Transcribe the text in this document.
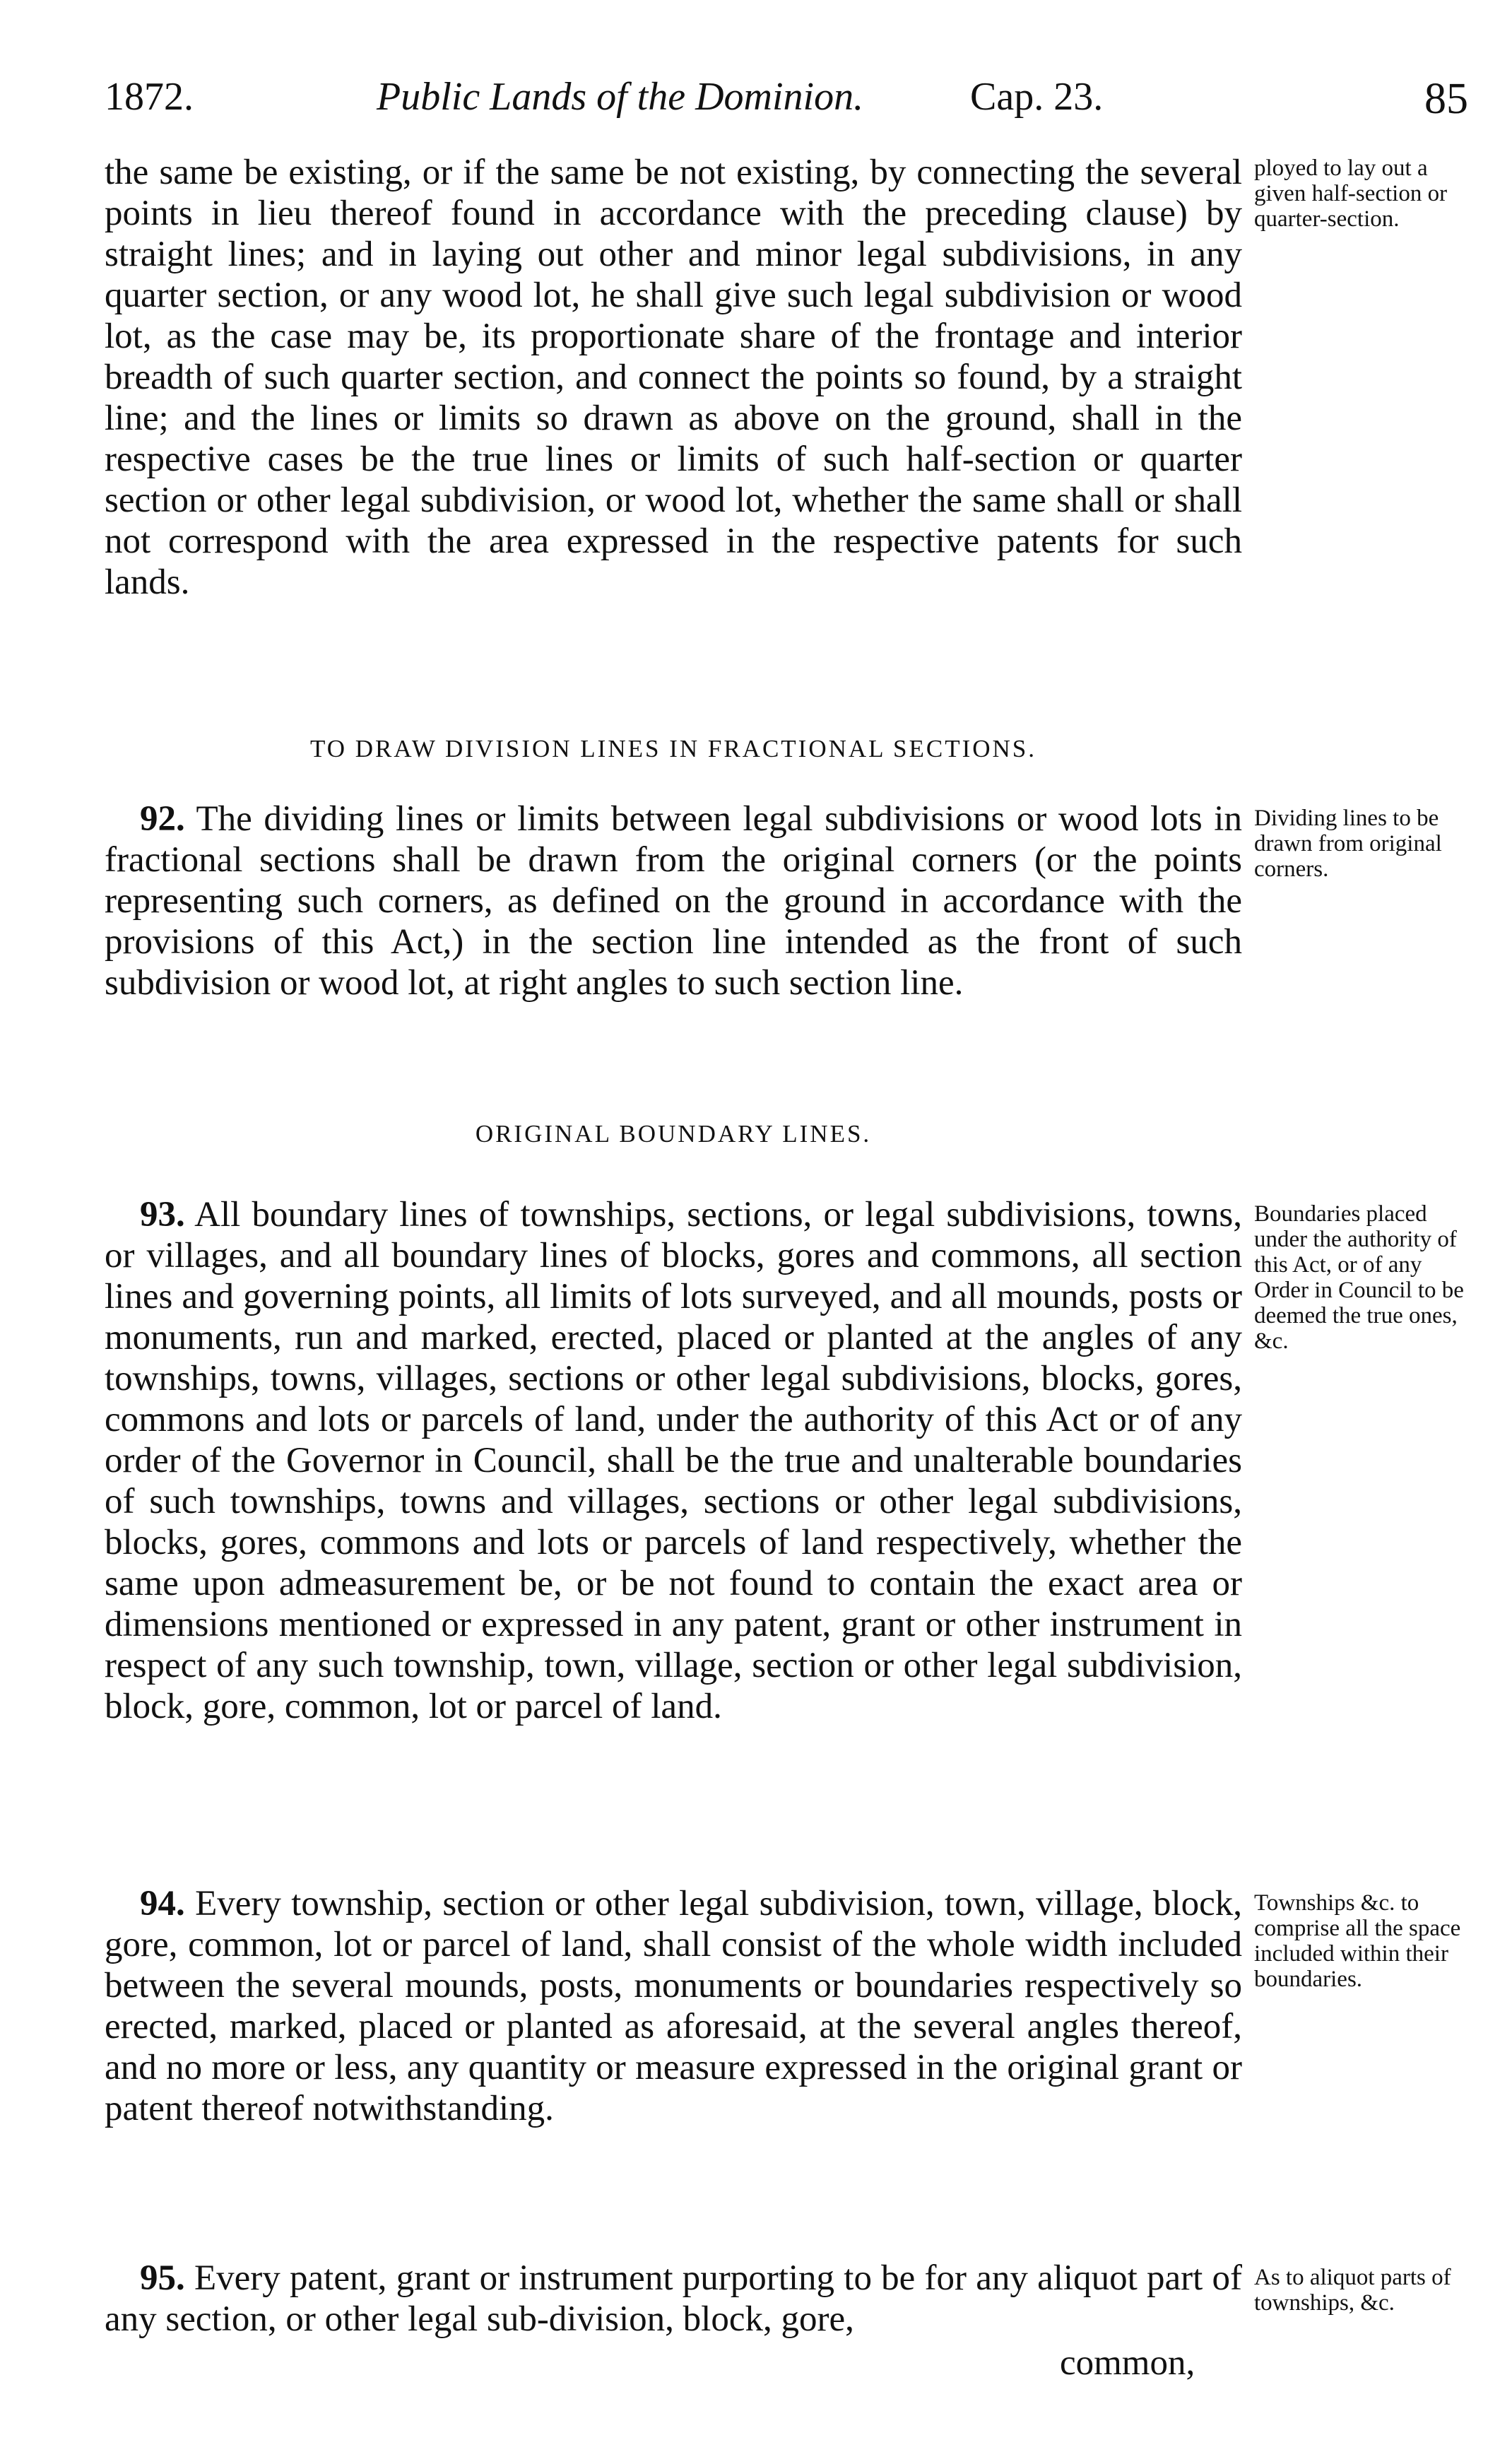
1872.	Public Lands of the Dominion.	Cap. 23.	85

the same be existing, or if the same be not existing, by connecting the several points in lieu thereof found in accordance with the preceding clause) by straight lines; and in laying out other and minor legal subdivisions, in any quarter section, or any wood lot, he shall give such legal subdivision or wood lot, as the case may be, its proportionate share of the frontage and interior breadth of such quarter section, and connect the points so found, by a straight line; and the lines or limits so drawn as above on the ground, shall in the respective cases be the true lines or limits of such half-section or quarter section or other legal subdivision, or wood lot, whether the same shall or shall not correspond with the area expressed in the respective patents for such lands.

ployed to lay out a given half-section or quarter-section.
TO DRAW DIVISION LINES IN FRACTIONAL SECTIONS.

92. The dividing lines or limits between legal subdivisions or wood lots in fractional sections shall be drawn from the original corners (or the points representing such corners, as defined on the ground in accordance with the provisions of this Act,) in the section line intended as the front of such subdivision or wood lot, at right angles to such section line.

Dividing lines to be drawn from original corners.
ORIGINAL BOUNDARY LINES.

93. All boundary lines of townships, sections, or legal subdivisions, towns, or villages, and all boundary lines of blocks, gores and commons, all section lines and governing points, all limits of lots surveyed, and all mounds, posts or monuments, run and marked, erected, placed or planted at the angles of any townships, towns, villages, sections or other legal subdivisions, blocks, gores, commons and lots or parcels of land, under the authority of this Act or of any order of the Governor in Council, shall be the true and unalterable boundaries of such townships, towns and villages, sections or other legal subdivisions, blocks, gores, commons and lots or parcels of land respectively, whether the same upon admeasurement be, or be not found to contain the exact area or dimensions mentioned or expressed in any patent, grant or other instrument in respect of any such township, town, village, section or other legal subdivision, block, gore, common, lot or parcel of land.

Boundaries placed under the authority of this Act, or of any Order in Council to be deemed the true ones, &c.

94. Every township, section or other legal subdivision, town, village, block, gore, common, lot or parcel of land, shall consist of the whole width included between the several mounds, posts, monuments or boundaries respectively so erected, marked, placed or planted as aforesaid, at the several angles thereof, and no more or less, any quantity or measure expressed in the original grant or patent thereof notwithstanding.

Townships &c. to comprise all the space included within their boundaries.

95. Every patent, grant or instrument purporting to be for any aliquot part of any section, or other legal sub-division, block, gore,

common,
As to aliquot parts of townships, &c.
